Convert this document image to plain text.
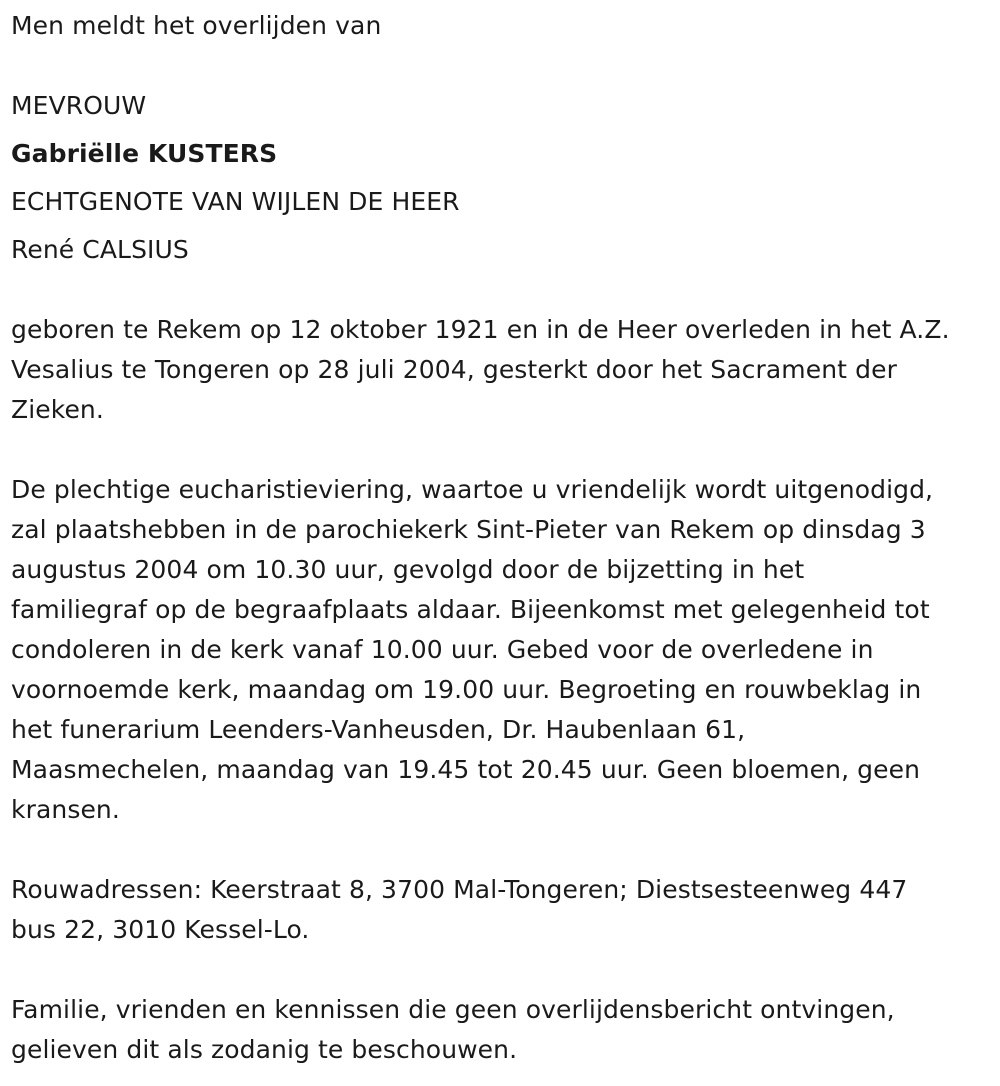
Men meldt het overlijden van
MEVROUW
Gabriëlle KUSTERS
ECHTGENOTE VAN WIJLEN DE HEER
René CALSIUS
geboren te Rekem op 12 oktober 1921 en in de Heer overleden in het A.Z.
Vesalius te Tongeren op 28 juli 2004, gesterkt door het Sacrament der
Zieken.
De plechtige eucharistieviering, waartoe u vriendelijk wordt uitgenodigd,
zal plaatshebben in de parochiekerk Sint-Pieter van Rekem op dinsdag 3
augustus 2004 om 10.30 uur, gevolgd door de bijzetting in het
familiegraf op de begraafplaats aldaar. Bijeenkomst met gelegenheid tot
condoleren in de kerk vanaf 10.00 uur. Gebed voor de overledene in
voornoemde kerk, maandag om 19.00 uur. Begroeting en rouwbeklag in
het funerarium Leenders-Vanheusden, Dr. Haubenlaan 61,
Maasmechelen, maandag van 19.45 tot 20.45 uur. Geen bloemen, geen
kransen.
Rouwadressen: Keerstraat 8, 3700 Mal-Tongeren; Diestsesteenweg 447
bus 22, 3010 Kessel-Lo.
Familie, vrienden en kennissen die geen overlijdensbericht ontvingen,
gelieven dit als zodanig te beschouwen.
